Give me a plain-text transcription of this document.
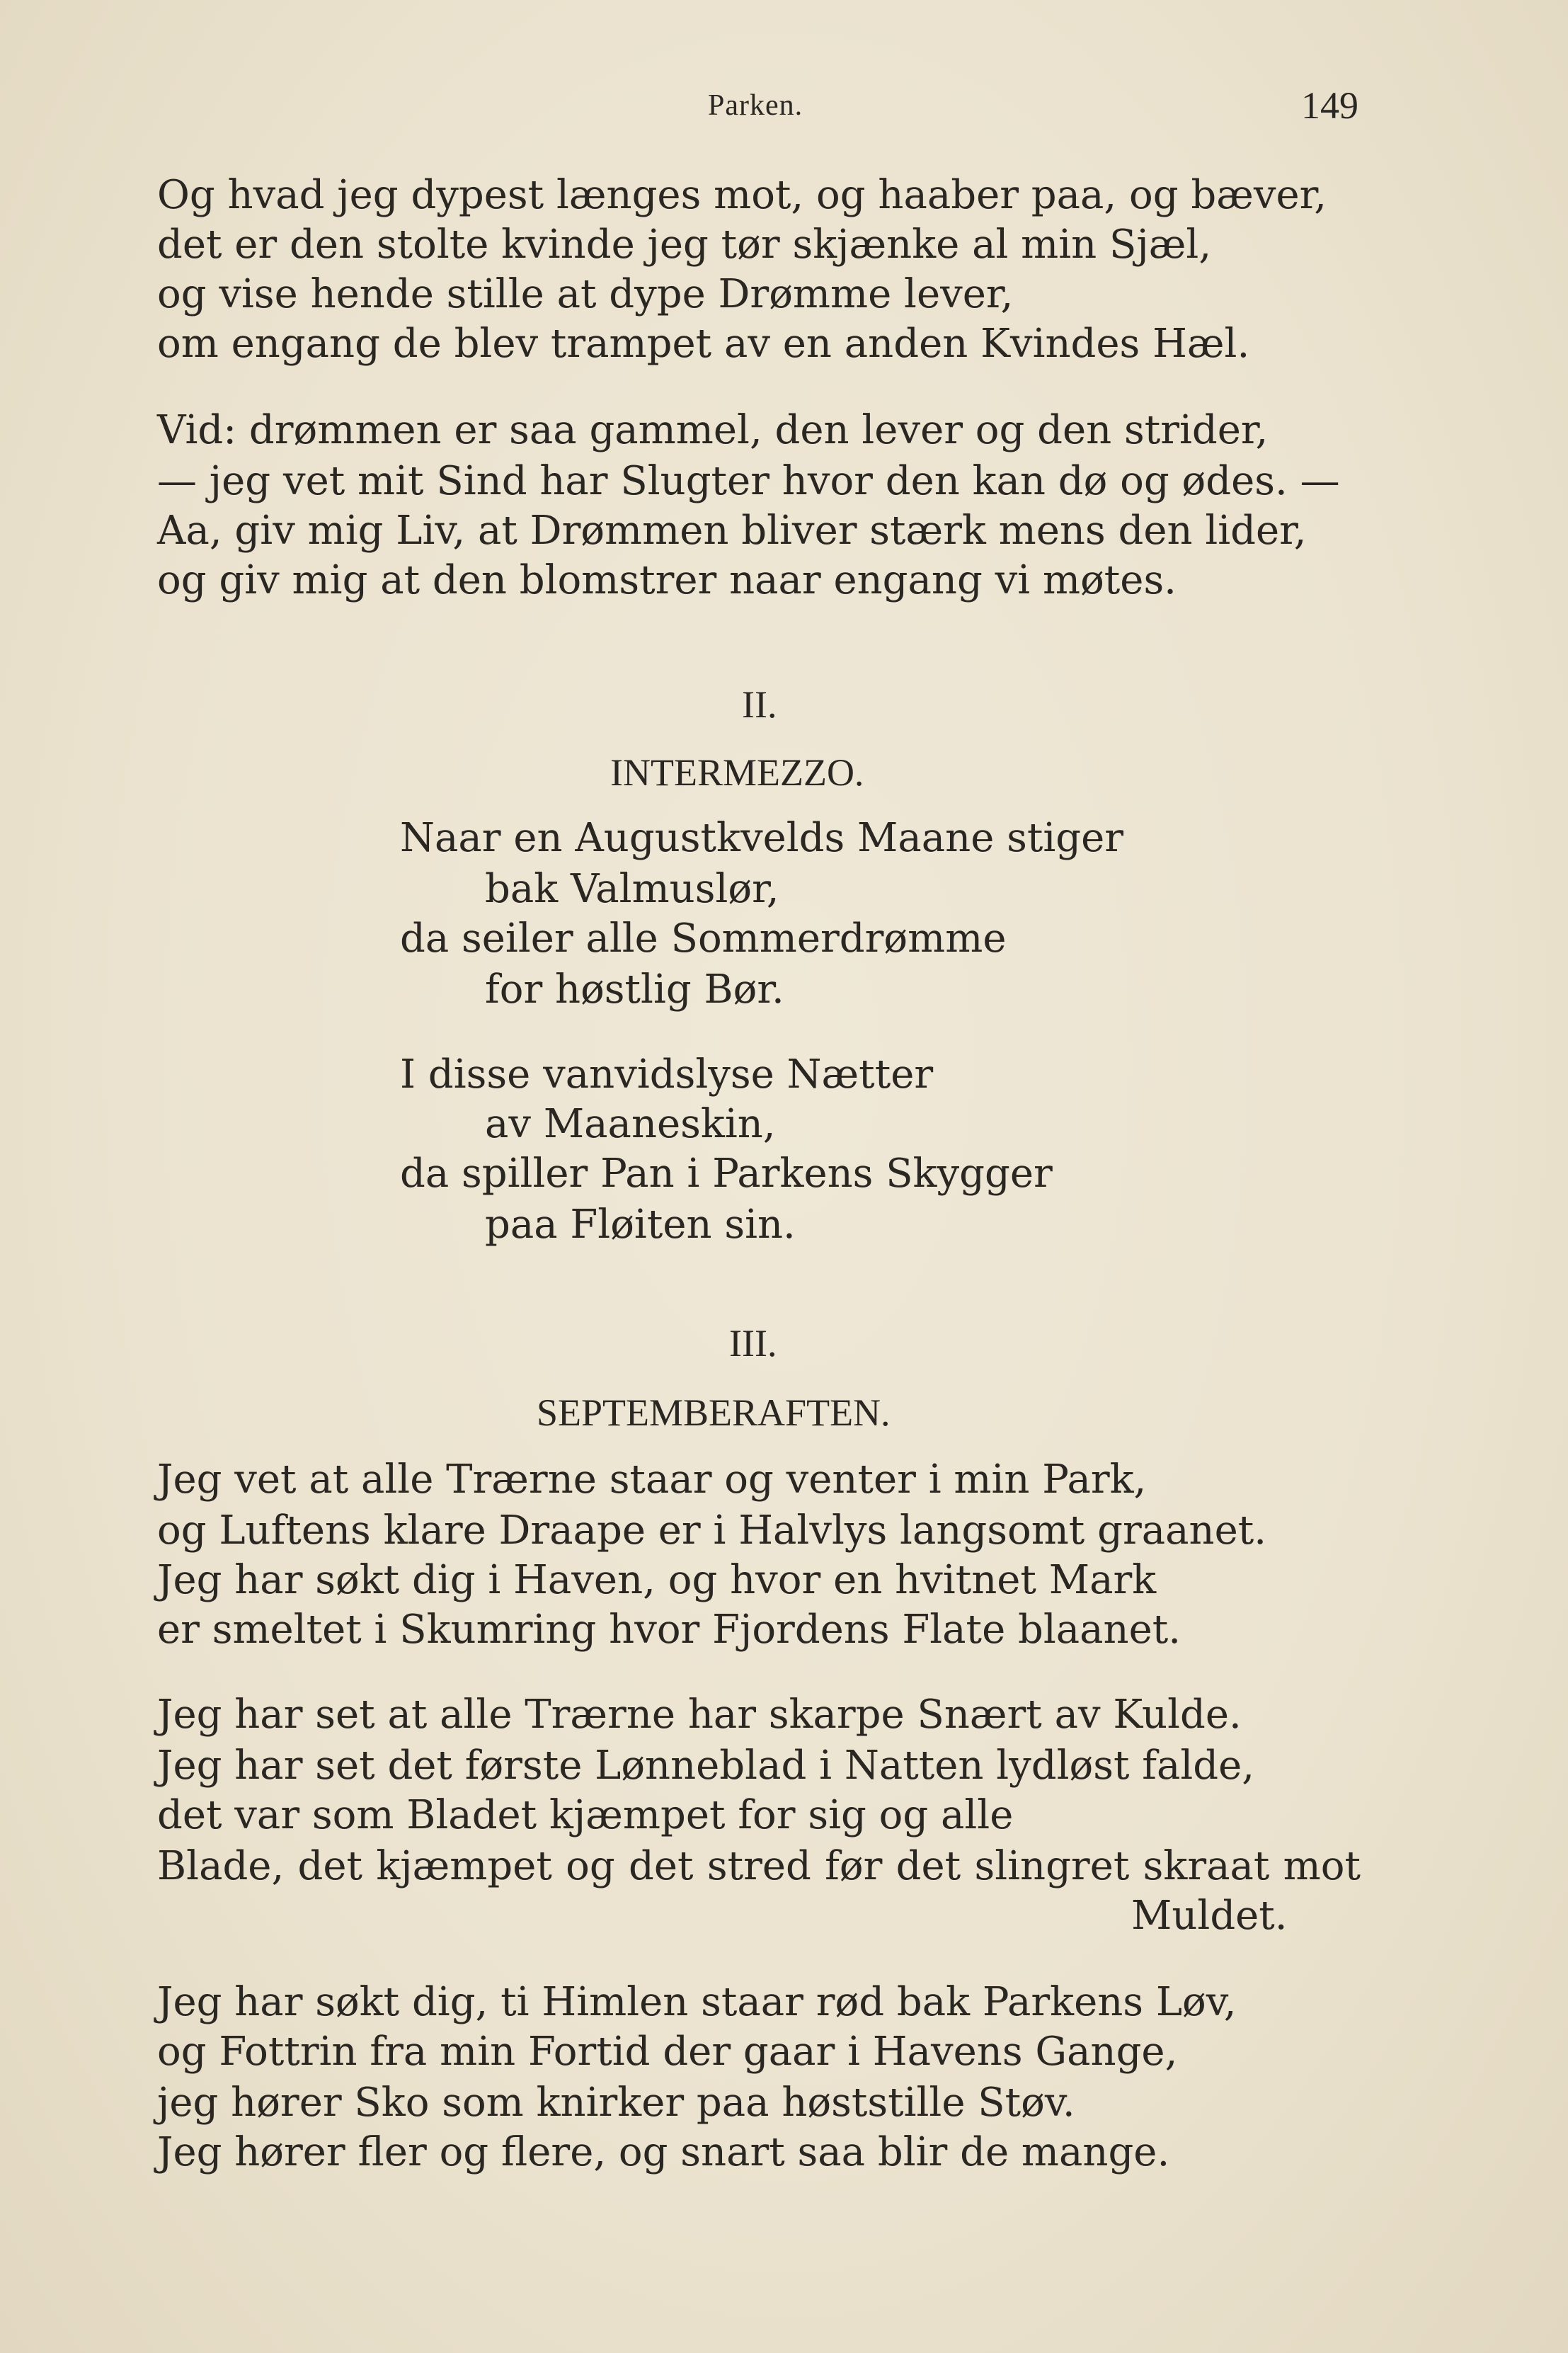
Parken.	149
Og hvad jeg dypest længes mot, og haaber paa, og bæver,
det er den stolte kvinde jeg tør skjænke al min Sjæl,
og vise hende stille at dype Drømme lever,
om engang de blev trampet av en anden Kvindes Hæl.
Vid: drømmen er saa gammel, den lever og den strider,
— jeg vet mit Sind har Slugter hvor den kan dø og ødes. —
Aa, giv mig Liv, at Drømmen bliver stærk mens den lider,
og giv mig at den blomstrer naar engang vi møtes.
II.
INTERMEZZO.
Naar en Augustkvelds Maane stiger
bak Valmuslør,
da seiler alle Sommerdrømme
for høstlig Bør.
I disse vanvidslyse Nætter
av Maaneskin,
da spiller Pan i Parkens Skygger
paa Fløiten sin.
III.
SEPTEMBERAFTEN.
Jeg vet at alle Trærne staar og venter i min Park,
og Luftens klare Draape er i Halvlys langsomt graanet.
Jeg har søkt dig i Haven, og hvor en hvitnet Mark
er smeltet i Skumring hvor Fjordens Flate blaanet.
Jeg har set at alle Trærne har skarpe Snært av Kulde.
Jeg har set det første Lønneblad i Natten lydløst falde,
det var som Bladet kjæmpet for sig og alle
Blade, det kjæmpet og det stred før det slingret skraat mot
Muldet.
Jeg har søkt dig, ti Himlen staar rød bak Parkens Løv,
og Fottrin fra min Fortid der gaar i Havens Gange,
jeg hører Sko som knirker paa høststille Støv.
Jeg hører fler og flere, og snart saa blir de mange.
